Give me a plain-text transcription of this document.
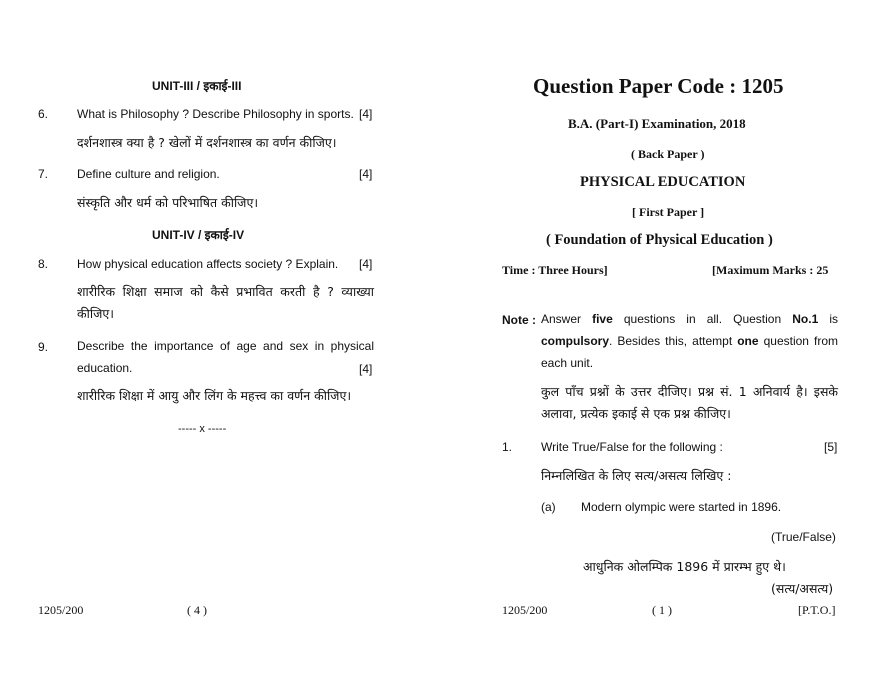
UNIT-III / इकाई-III
6. What is Philosophy ? Describe Philosophy in sports. [4]
दर्शनशास्त्र क्या है ? खेलों में दर्शनशास्त्र का वर्णन कीजिए।
7. Define culture and religion.	[4]
संस्कृति और धर्म को परिभाषित कीजिए।
UNIT-IV / इकाई-IV
8. How physical education affects society ? Explain. [4]
शारीरिक शिक्षा समाज को कैसे प्रभावित करती है ? व्याख्या कीजिए।
9. Describe the importance of age and sex in physical education.	[4]
शारीरिक शिक्षा में आयु और लिंग के महत्त्व का वर्णन कीजिए।
----- x -----
1205/200	( 4 )
Question Paper Code : 1205
B.A. (Part-I) Examination, 2018
( Back Paper )
PHYSICAL EDUCATION
[ First Paper ]
( Foundation of Physical Education )
Time : Three Hours]	[Maximum Marks : 25
Note : Answer five questions in all. Question No.1 is compulsory. Besides this, attempt one question from each unit.
कुल पाँच प्रश्नों के उत्तर दीजिए। प्रश्न सं. 1 अनिवार्य है। इसके अलावा, प्रत्येक इकाई से एक प्रश्न कीजिए।
1. Write True/False for the following :	[5]
निम्नलिखित के लिए सत्य/असत्य लिखिए :
(a) Modern olympic were started in 1896.
(True/False)
आधुनिक ओलम्पिक 1896 में प्रारम्भ हुए थे।
(सत्य/असत्य)
1205/200	( 1 )	[P.T.O.]
